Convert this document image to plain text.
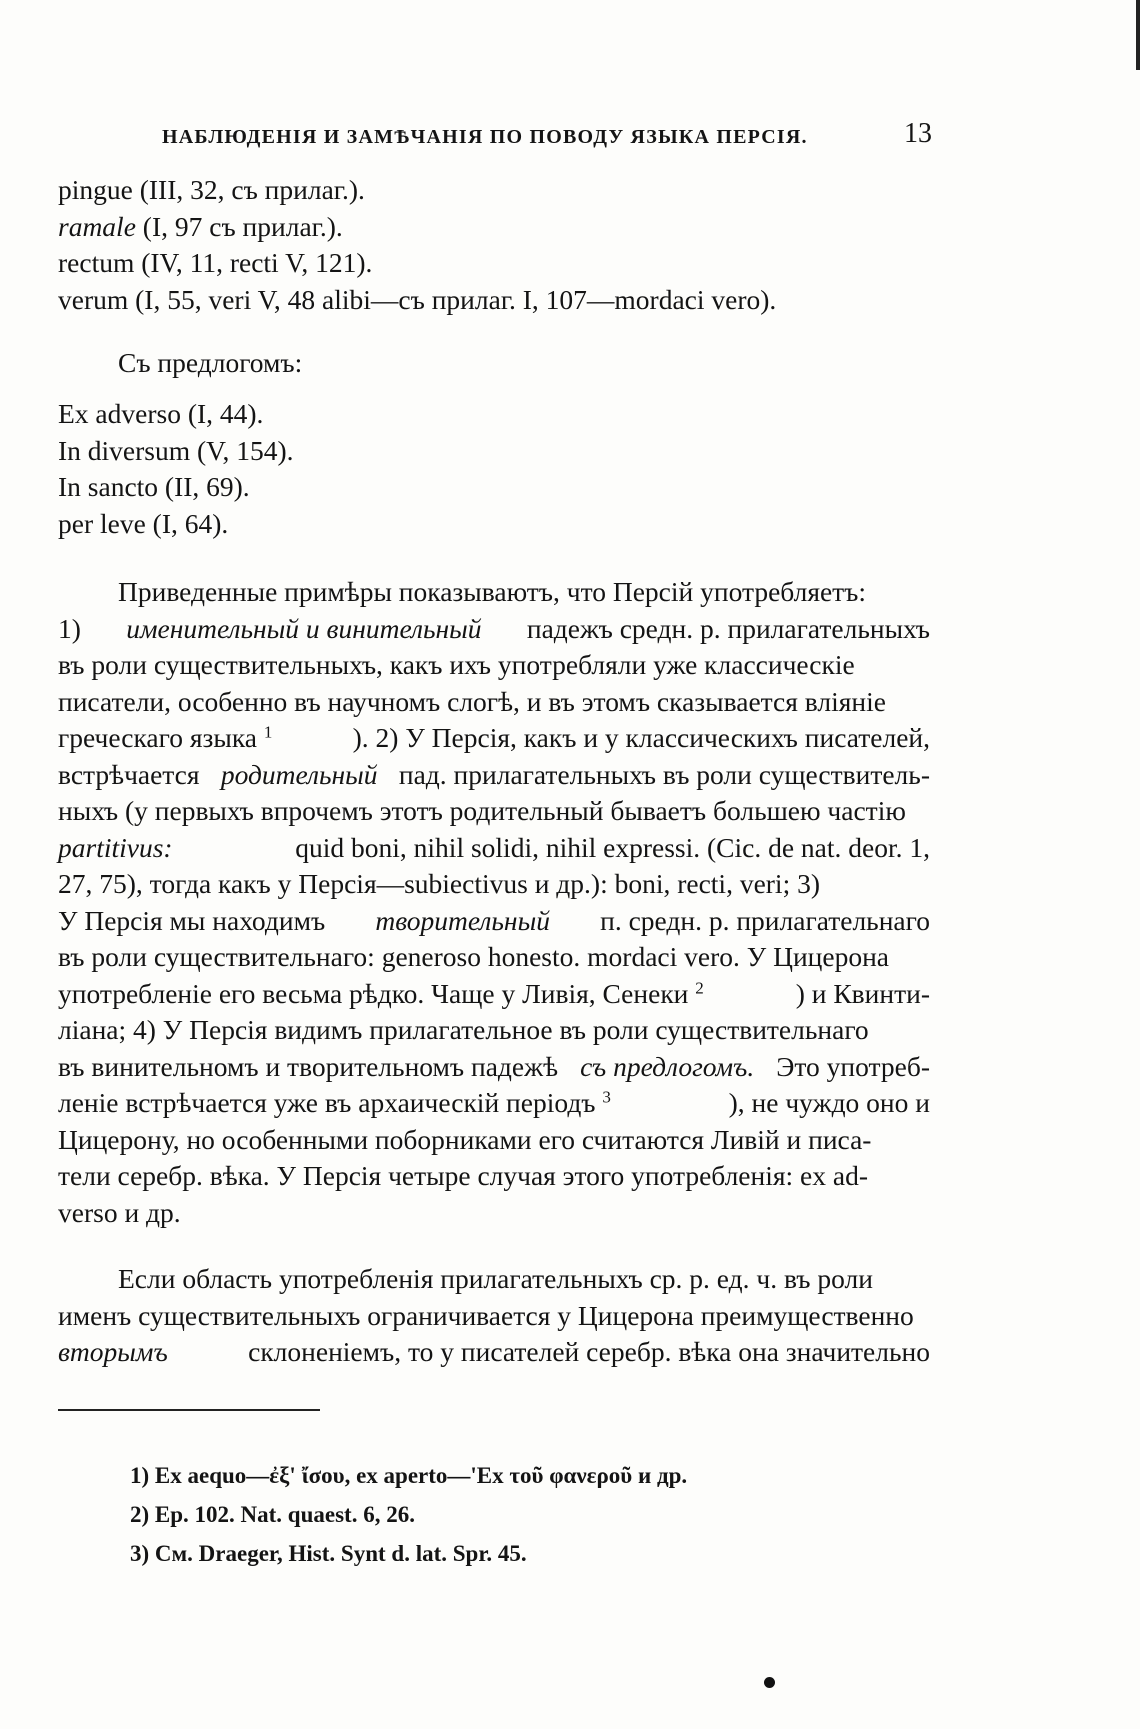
НАБЛЮДЕНІЯ И ЗАМѢЧАНІЯ ПО ПОВОДУ ЯЗЫКА ПЕРСІЯ.	13
pingue (III, 32, съ прилаг.).
ramale (I, 97 съ прилаг.).
rectum (IV, 11, recti V, 121).
verum (I, 55, veri V, 48 alibi—съ прилаг. I, 107—mordaci vero).
Съ предлогомъ:
Ex adverso (I, 44).
In diversum (V, 154).
In sancto (II, 69).
per leve (I, 64).
Приведенные примѣры показываютъ, что Персій употребляетъ:
1) именительный и винительный падежъ средн. р. прилагательныхъ
въ роли существительныхъ, какъ ихъ употребляли уже классическіе
писатели, особенно въ научномъ слогѣ, и въ этомъ сказывается вліяніе
греческаго языка $^1$	). 2) У Персія, какъ и у классическихъ писателей,
встрѣчается родительный пад. прилагательныхъ въ роли существитель-
ныхъ (у первыхъ впрочемъ этотъ родительный бываетъ большею частію
partitivus:	quid boni, nihil solidi, nihil expressi. (Cic. de nat. deor. 1,
27, 75), тогда какъ у Персія—subiectivus и др.): boni, recti, veri; 3)
У Персія мы находимъ творительный п. средн. р. прилагательнаго
въ роли существительнаго: generoso honesto. mordaci vero. У Цицерона
употребленіе его весьма рѣдко. Чаще у Ливія, Сенеки $^2$	) и Квинти-
ліана; 4) У Персія видимъ прилагательное въ роли существительнаго
въ винительномъ и творительномъ падежѣ съ предлогомъ. Это употреб-
леніе встрѣчается уже въ архаическій періодъ $^3$	), не чуждо оно и
Цицерону, но особенными поборниками его считаются Ливій и писа-
тели серебр. вѣка. У Персія четыре случая этого употребленія: ex ad-
verso и др.
Если область употребленія прилагательныхъ ср. р. ед. ч. въ роли
именъ существительныхъ ограничивается у Цицерона преимущественно
вторымъ	склоненіемъ, то у писателей серебр. вѣка она значительно
1) Ex aequo—ἐξ' ἴσου, ex aperto—'Ex τοῦ φανεροῦ и др.
2) Ep. 102. Nat. quaest. 6, 26.
3) См. Draeger, Hist. Synt d. lat. Spr. 45.
